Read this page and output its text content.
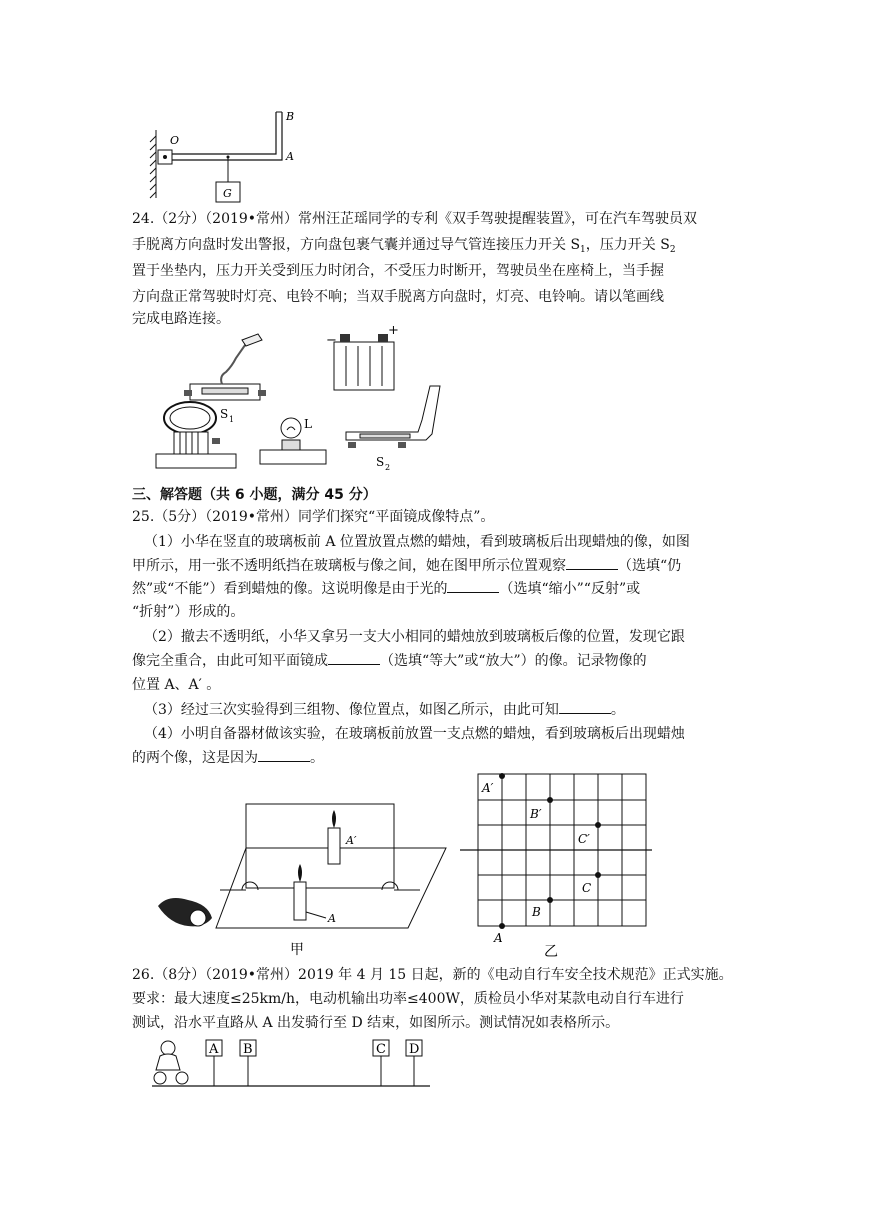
O
B
A
G
24.（2分）（2019•常州）常州汪芷瑶同学的专利《双手驾驶提醒装置》，可在汽车驾驶员双
手脱离方向盘时发出警报，方向盘包裹气囊并通过导气管连接压力开关 $S_1$，压力开关 $S_2$
置于坐垫内，压力开关受到压力时闭合，不受压力时断开，驾驶员坐在座椅上，当手握
方向盘正常驾驶时灯亮、电铃不响；当双手脱离方向盘时，灯亮、电铃响。请以笔画线
完成电路连接。
S 1
−
+
L
S 2
三、解答题（共 6 小题，满分 45 分）
25.（5分）（2019•常州）同学们探究“平面镜成像特点”。
（1）小华在竖直的玻璃板前 A 位置放置点燃的蜡烛，看到玻璃板后出现蜡烛的像，如图
甲所示，用一张不透明纸挡在玻璃板与像之间，她在图甲所示位置观察	（选填“仍
然”或“不能”）看到蜡烛的像。这说明像是由于光的	（选填“缩小”“反射”或
“折射”）形成的。
（2）撤去不透明纸，小华又拿另一支大小相同的蜡烛放到玻璃板后像的位置，发现它跟
像完全重合，由此可知平面镜成	（选填“等大”或“放大”）的像。记录物像的
位置 A、A′ 。
（3）经过三次实验得到三组物、像位置点，如图乙所示，由此可知	。
（4）小明自备器材做该实验，在玻璃板前放置一支点燃的蜡烛，看到玻璃板后出现蜡烛
的两个像，这是因为	。
A′
A
甲
A′
B′
C′
C
B
A
乙
26.（8分）（2019•常州）2019 年 4 月 15 日起，新的《电动自行车安全技术规范》正式实施。
要求：最大速度≤25km/h，电动机输出功率≤400W，质检员小华对某款电动自行车进行
测试，沿水平直路从 A 出发骑行至 D 结束，如图所示。测试情况如表格所示。
A B	C D
